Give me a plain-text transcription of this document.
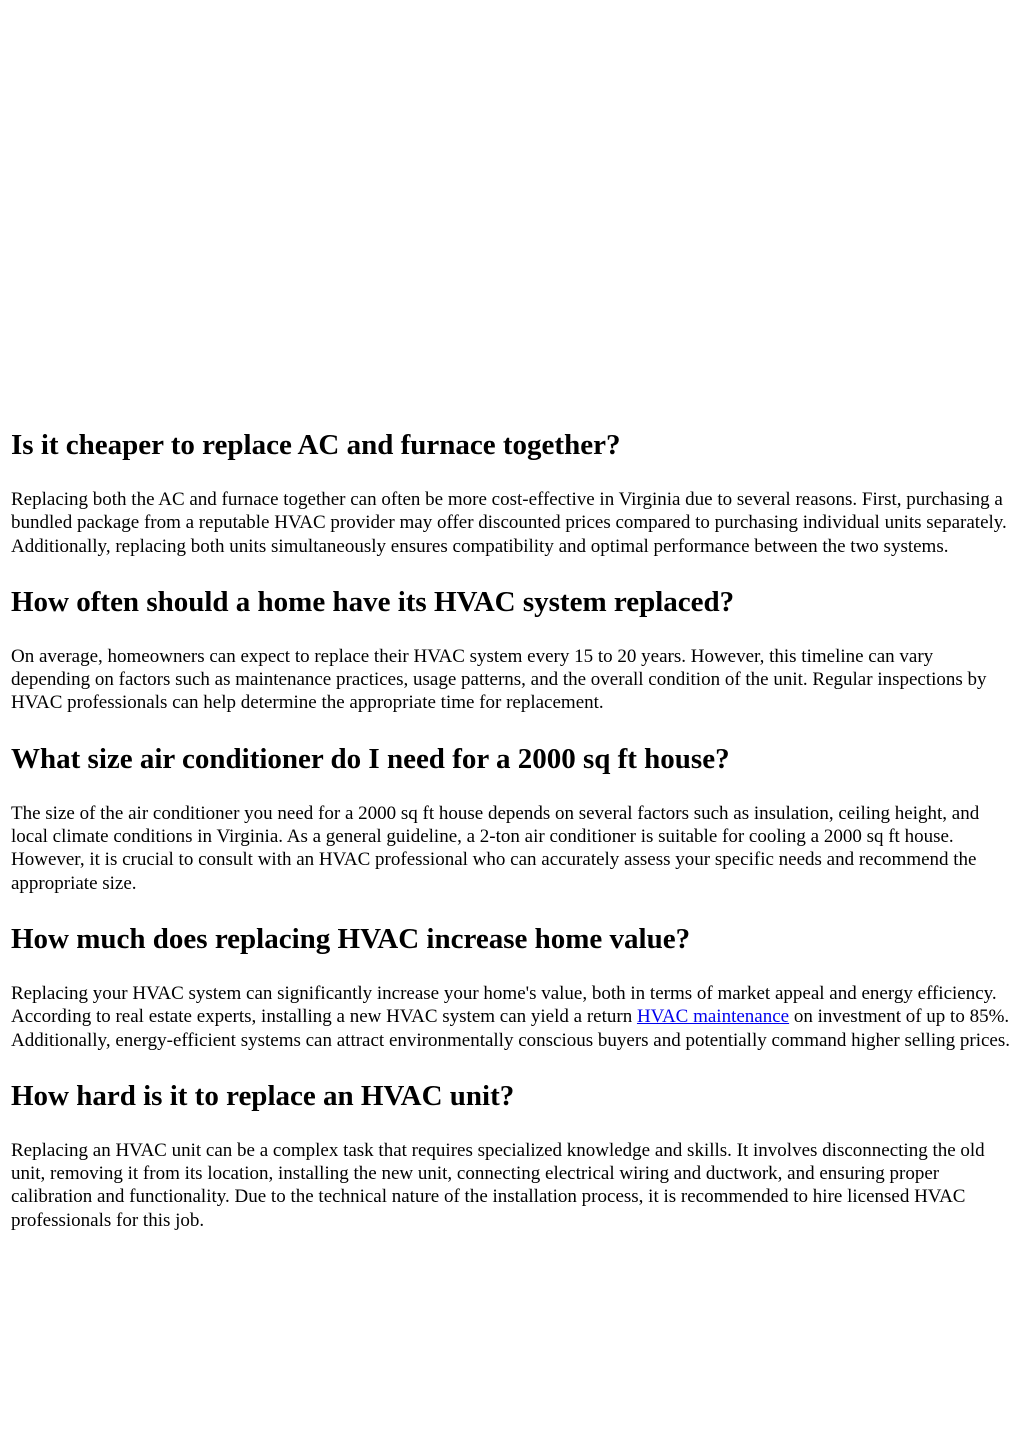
Is it cheaper to replace AC and furnace together?

Replacing both the AC and furnace together can often be more cost-effective in Virginia due to several reasons. First, purchasing a bundled package from a reputable HVAC provider may offer discounted prices compared to purchasing individual units separately. Additionally, replacing both units simultaneously ensures compatibility and optimal performance between the two systems.

How often should a home have its HVAC system replaced?

On average, homeowners can expect to replace their HVAC system every 15 to 20 years. However, this timeline can vary depending on factors such as maintenance practices, usage patterns, and the overall condition of the unit. Regular inspections by HVAC professionals can help determine the appropriate time for replacement.

What size air conditioner do I need for a 2000 sq ft house?

The size of the air conditioner you need for a 2000 sq ft house depends on several factors such as insulation, ceiling height, and local climate conditions in Virginia. As a general guideline, a 2-ton air conditioner is suitable for cooling a 2000 sq ft house. However, it is crucial to consult with an HVAC professional who can accurately assess your specific needs and recommend the appropriate size.

How much does replacing HVAC increase home value?

Replacing your HVAC system can significantly increase your home's value, both in terms of market appeal and energy efficiency. According to real estate experts, installing a new HVAC system can yield a return HVAC maintenance on investment of up to 85%. Additionally, energy-efficient systems can attract environmentally conscious buyers and potentially command higher selling prices.

How hard is it to replace an HVAC unit?

Replacing an HVAC unit can be a complex task that requires specialized knowledge and skills. It involves disconnecting the old unit, removing it from its location, installing the new unit, connecting electrical wiring and ductwork, and ensuring proper calibration and functionality. Due to the technical nature of the installation process, it is recommended to hire licensed HVAC professionals for this job.
